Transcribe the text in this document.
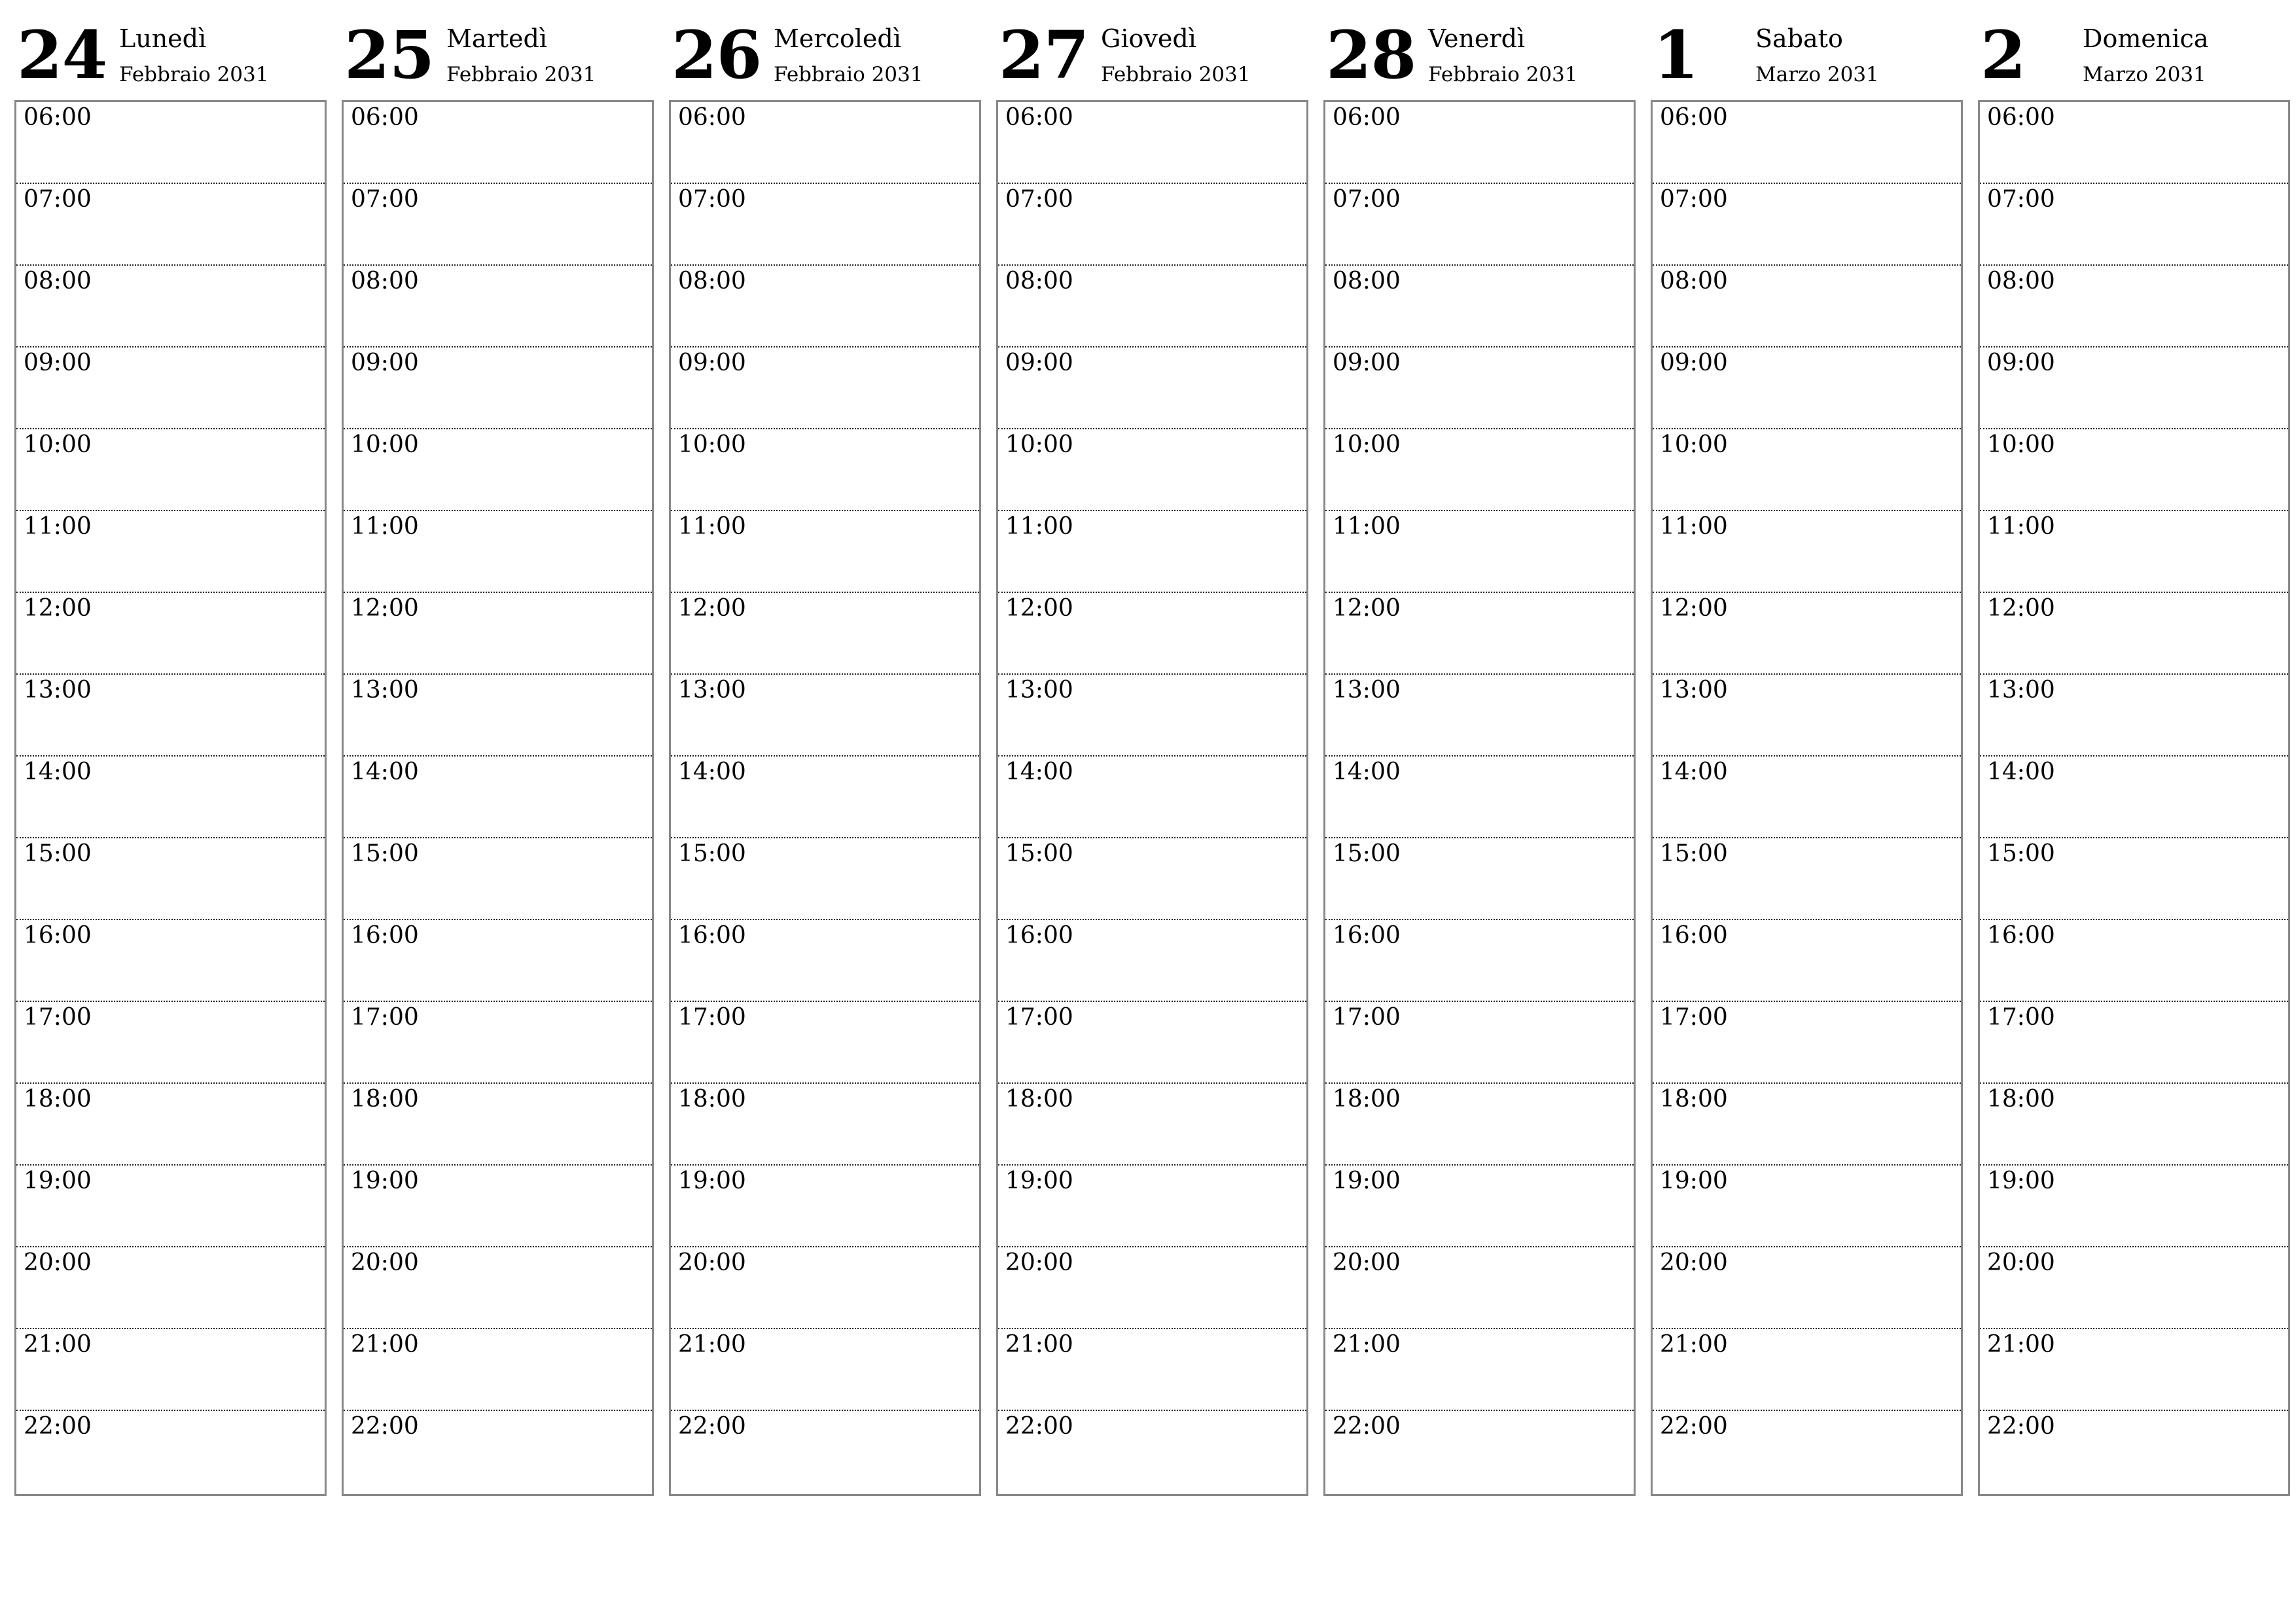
24 Lunedì
Febbraio 2031
06:00
07:00
08:00
09:00
10:00
11:00
12:00
13:00
14:00
15:00
16:00
17:00
18:00
19:00
20:00
21:00
22:00
25 Martedì
Febbraio 2031
06:00
07:00
08:00
09:00
10:00
11:00
12:00
13:00
14:00
15:00
16:00
17:00
18:00
19:00
20:00
21:00
22:00
26 Mercoledì
Febbraio 2031
06:00
07:00
08:00
09:00
10:00
11:00
12:00
13:00
14:00
15:00
16:00
17:00
18:00
19:00
20:00
21:00
22:00
27 Giovedì
Febbraio 2031
06:00
07:00
08:00
09:00
10:00
11:00
12:00
13:00
14:00
15:00
16:00
17:00
18:00
19:00
20:00
21:00
22:00
28 Venerdì
Febbraio 2031
06:00
07:00
08:00
09:00
10:00
11:00
12:00
13:00
14:00
15:00
16:00
17:00
18:00
19:00
20:00
21:00
22:00
1 Sabato
Marzo 2031
06:00
07:00
08:00
09:00
10:00
11:00
12:00
13:00
14:00
15:00
16:00
17:00
18:00
19:00
20:00
21:00
22:00
2 Domenica
Marzo 2031
06:00
07:00
08:00
09:00
10:00
11:00
12:00
13:00
14:00
15:00
16:00
17:00
18:00
19:00
20:00
21:00
22:00
